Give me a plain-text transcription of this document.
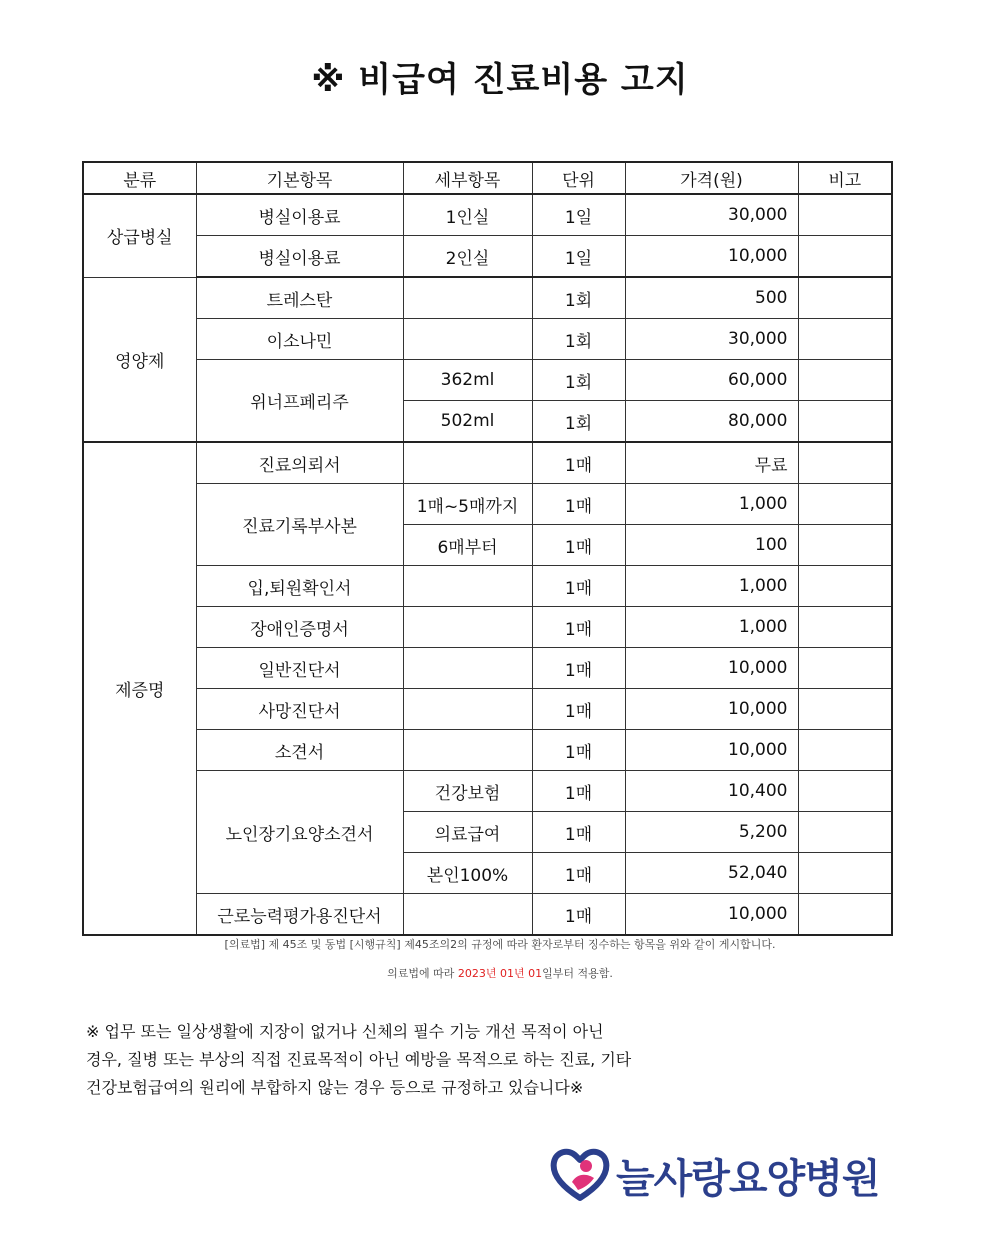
※ 비급여 진료비용 고지
분류	기본항목	세부항목	단위	가격(원)	비고
상급병실	병실이용료	1인실	1일	30,000	
	병실이용료	2인실	1일	10,000	
영양제	트레스탄		1회	500	
	이소나민		1회	30,000	
	위너프페리주	362ml	1회	60,000	
		502ml	1회	80,000	
제증명	진료의뢰서		1매	무료	
	진료기록부사본	1매~5매까지	1매	1,000	
		6매부터	1매	100	
	입,퇴원확인서		1매	1,000	
	장애인증명서		1매	1,000	
	일반진단서		1매	10,000	
	사망진단서		1매	10,000	
	소견서		1매	10,000	
	노인장기요양소견서	건강보험	1매	10,400	
		의료급여	1매	5,200	
		본인100%	1매	52,040	
	근로능력평가용진단서		1매	10,000	
[의료법] 제 45조 및 동법 [시행규칙] 제45조의2의 규정에 따라 환자로부터 징수하는 항목을 위와 같이 게시합니다.
의료법에 따라 2023년 01년 01일부터 적용함.
※ 업무 또는 일상생활에 지장이 없거나 신체의 필수 기능 개선 목적이 아닌
경우, 질병 또는 부상의 직접 진료목적이 아닌 예방을 목적으로 하는 진료, 기타
건강보험급여의 원리에 부합하지 않는 경우 등으로 규정하고 있습니다※
늘사랑요양병원
